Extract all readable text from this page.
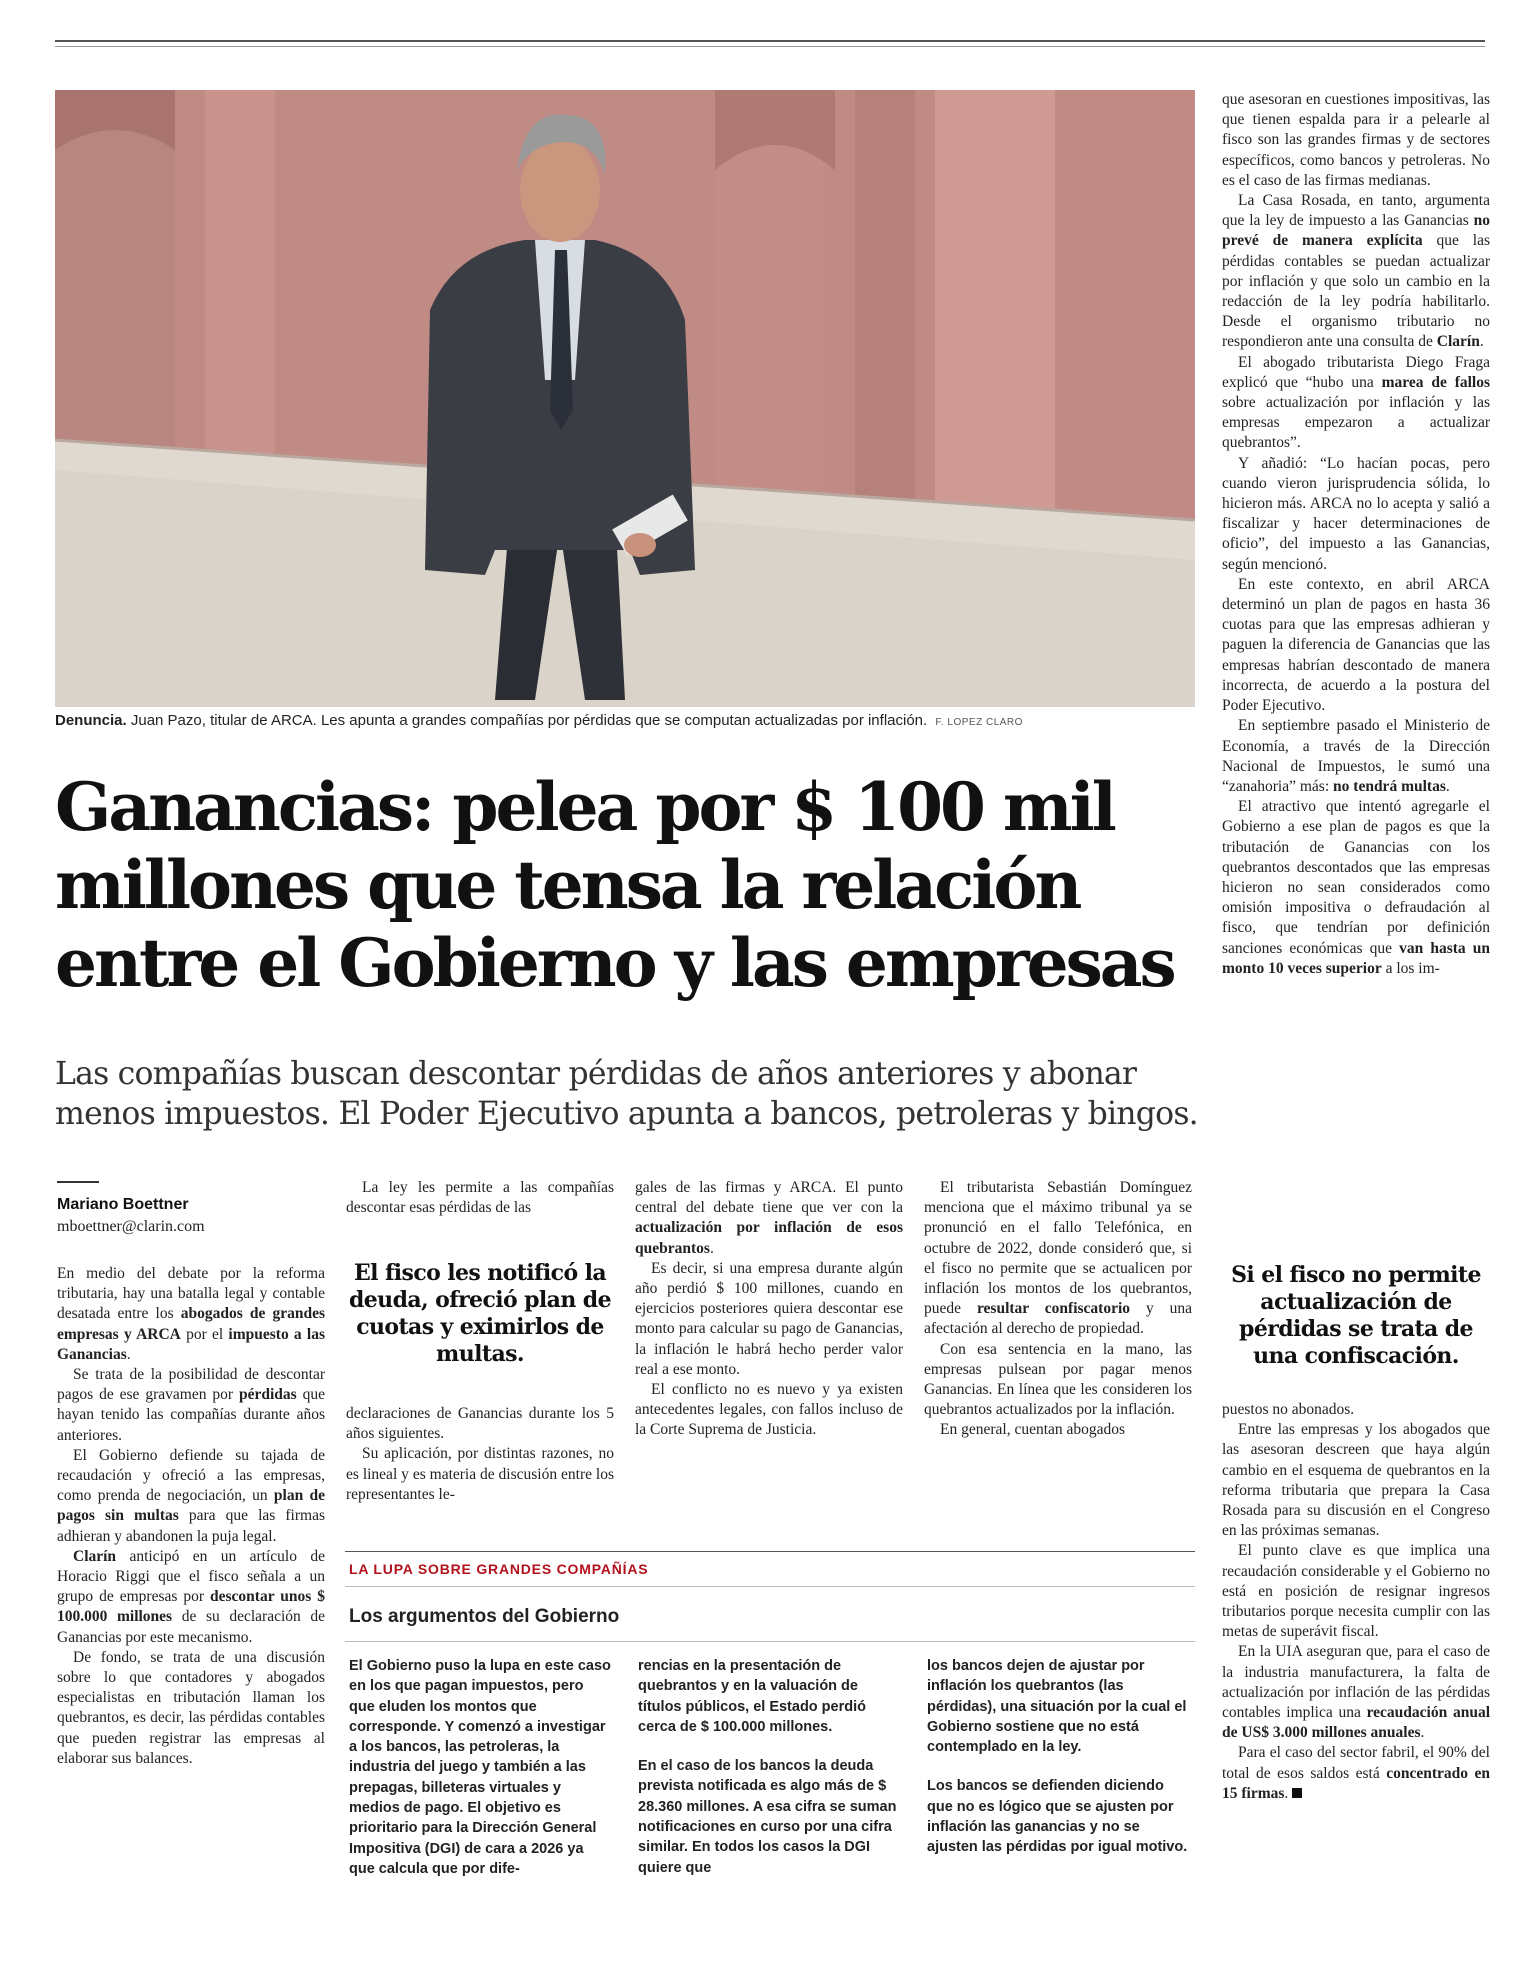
Denuncia. Juan Pazo, titular de ARCA. Les apunta a grandes compañías por pérdidas que se computan actualizadas por inflación. F. LOPEZ CLARO
Ganancias: pelea por $ 100 mil
millones que tensa la relación
entre el Gobierno y las empresas
Las compañías buscan descontar pérdidas de años anteriores y abonar
menos impuestos. El Poder Ejecutivo apunta a bancos, petroleras y bingos.
Mariano Boettner
mboettner@clarin.com

En medio del debate por la reforma tributaria, hay una batalla legal y contable desatada entre los abogados de grandes empresas y ARCA por el impuesto a las Ganancias.

Se trata de la posibilidad de descontar pagos de ese gravamen por pérdidas que hayan tenido las compañías durante años anteriores.

El Gobierno defiende su tajada de recaudación y ofreció a las empresas, como prenda de negociación, un plan de pagos sin multas para que las firmas adhieran y abandonen la puja legal.

Clarín anticipó en un artículo de Horacio Riggi que el fisco señala a un grupo de empresas por descontar unos $ 100.000 millones de su declaración de Ganancias por este mecanismo.

De fondo, se trata de una discusión sobre lo que contadores y abogados especialistas en tributación llaman los quebrantos, es decir, las pérdidas contables que pueden registrar las empresas al elaborar sus balances.

La ley les permite a las compañías descontar esas pérdidas de las

El fisco les notificó la deuda, ofreció plan de cuotas y eximirlos de multas.

declaraciones de Ganancias durante los 5 años siguientes.

Su aplicación, por distintas razones, no es lineal y es materia de discusión entre los representantes le-

gales de las firmas y ARCA. El punto central del debate tiene que ver con la actualización por inflación de esos quebrantos.

Es decir, si una empresa durante algún año perdió $ 100 millones, cuando en ejercicios posteriores quiera descontar ese monto para calcular su pago de Ganancias, la inflación le habrá hecho perder valor real a ese monto.

El conflicto no es nuevo y ya existen antecedentes legales, con fallos incluso de la Corte Suprema de Justicia.

El tributarista Sebastián Domínguez menciona que el máximo tribunal ya se pronunció en el fallo Telefónica, en octubre de 2022, donde consideró que, si el fisco no permite que se actualicen por inflación los montos de los quebrantos, puede resultar confiscatorio y una afectación al derecho de propiedad.

Con esa sentencia en la mano, las empresas pulsean por pagar menos Ganancias. En línea que les consideren los quebrantos actualizados por la inflación.

En general, cuentan abogados

que asesoran en cuestiones impositivas, las que tienen espalda para ir a pelearle al fisco son las grandes firmas y de sectores específicos, como bancos y petroleras. No es el caso de las firmas medianas.

La Casa Rosada, en tanto, argumenta que la ley de impuesto a las Ganancias no prevé de manera explícita que las pérdidas contables se puedan actualizar por inflación y que solo un cambio en la redacción de la ley podría habilitarlo. Desde el organismo tributario no respondieron ante una consulta de Clarín.

El abogado tributarista Diego Fraga explicó que “hubo una marea de fallos sobre actualización por inflación y las empresas empezaron a actualizar quebrantos”.

Y añadió: “Lo hacían pocas, pero cuando vieron jurisprudencia sólida, lo hicieron más. ARCA no lo acepta y salió a fiscalizar y hacer determinaciones de oficio”, del impuesto a las Ganancias, según mencionó.

En este contexto, en abril ARCA determinó un plan de pagos en hasta 36 cuotas para que las empresas adhieran y paguen la diferencia de Ganancias que las empresas habrían descontado de manera incorrecta, de acuerdo a la postura del Poder Ejecutivo.

En septiembre pasado el Ministerio de Economía, a través de la Dirección Nacional de Impuestos, le sumó una “zanahoria” más: no tendrá multas.

El atractivo que intentó agregarle el Gobierno a ese plan de pagos es que la tributación de Ganancias con los quebrantos descontados que las empresas hicieron no sean considerados como omisión impositiva o defraudación al fisco, que tendrían por definición sanciones económicas que van hasta un monto 10 veces superior a los im-

Si el fisco no permite actualización de pérdidas se trata de una confiscación.

puestos no abonados.

Entre las empresas y los abogados que las asesoran descreen que haya algún cambio en el esquema de quebrantos en la reforma tributaria que prepara la Casa Rosada para su discusión en el Congreso en las próximas semanas.

El punto clave es que implica una recaudación considerable y el Gobierno no está en posición de resignar ingresos tributarios porque necesita cumplir con las metas de superávit fiscal.

En la UIA aseguran que, para el caso de la industria manufacturera, la falta de actualización por inflación de las pérdidas contables implica una recaudación anual de US$ 3.000 millones anuales.

Para el caso del sector fabril, el 90% del total de esos saldos está concentrado en 15 firmas.

LA LUPA SOBRE GRANDES COMPAÑÍAS
Los argumentos del Gobierno

El Gobierno puso la lupa en este caso en los que pagan impuestos, pero que eluden los montos que corresponde. Y comenzó a investigar a los bancos, las petroleras, la industria del juego y también a las prepagas, billeteras virtuales y medios de pago. El objetivo es prioritario para la Dirección General Impositiva (DGI) de cara a 2026 ya que calcula que por dife-

rencias en la presentación de quebrantos y en la valuación de títulos públicos, el Estado perdió cerca de $ 100.000 millones.

En el caso de los bancos la deuda prevista notificada es algo más de $ 28.360 millones. A esa cifra se suman notificaciones en curso por una cifra similar. En todos los casos la DGI quiere que

los bancos dejen de ajustar por inflación los quebrantos (las pérdidas), una situación por la cual el Gobierno sostiene que no está contemplado en la ley.

Los bancos se defienden diciendo que no es lógico que se ajusten por inflación las ganancias y no se ajusten las pérdidas por igual motivo.
